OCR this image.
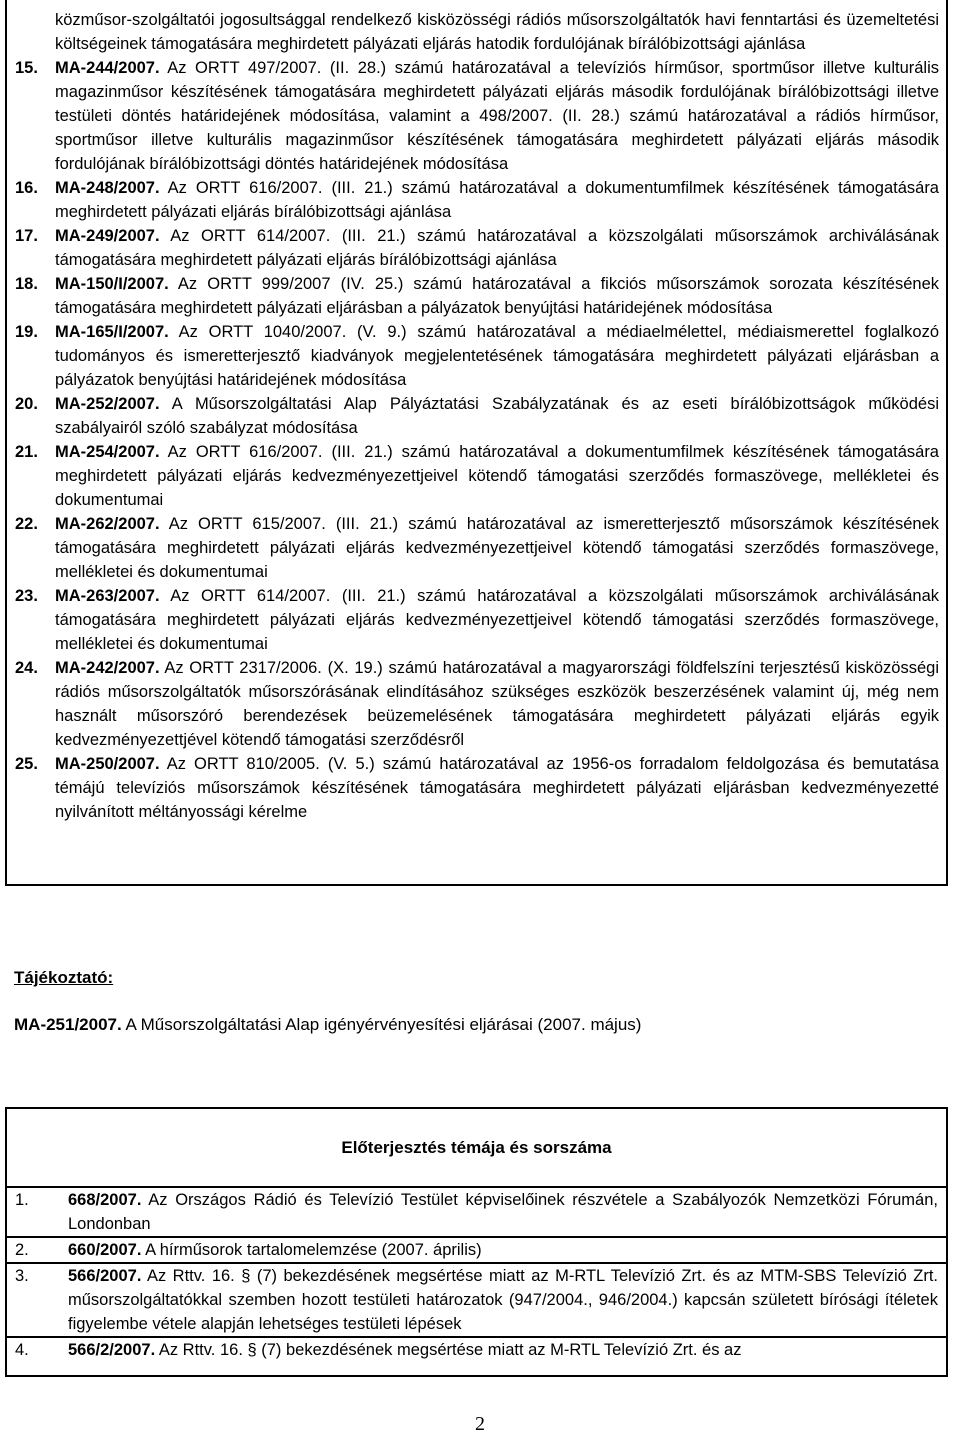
közműsor-szolgáltatói jogosultsággal rendelkező kisközösségi rádiós műsorszolgáltatók havi fenntartási és üzemeltetési költségeinek támogatására meghirdetett pályázati eljárás hatodik fordulójának bírálóbizottsági ajánlása
15.	MA-244/2007. Az ORTT 497/2007. (II. 28.) számú határozatával a televíziós hírműsor, sportműsor illetve kulturális magazinműsor készítésének támogatására meghirdetett pályázati eljárás második fordulójának bírálóbizottsági illetve testületi döntés határidejének módosítása, valamint a 498/2007. (II. 28.) számú határozatával a rádiós hírműsor, sportműsor illetve kulturális magazinműsor készítésének támogatására meghirdetett pályázati eljárás második fordulójának bírálóbizottsági döntés határidejének módosítása
16.	MA-248/2007. Az ORTT 616/2007. (III. 21.) számú határozatával a dokumentumfilmek készítésének támogatására meghirdetett pályázati eljárás bírálóbizottsági ajánlása
17.	MA-249/2007. Az ORTT 614/2007. (III. 21.) számú határozatával a közszolgálati műsorszámok archiválásának támogatására meghirdetett pályázati eljárás bírálóbizottsági ajánlása
18.	MA-150/I/2007. Az ORTT 999/2007 (IV. 25.) számú határozatával a fikciós műsorszámok sorozata készítésének támogatására meghirdetett pályázati eljárásban a pályázatok benyújtási határidejének módosítása
19.	MA-165/I/2007. Az ORTT 1040/2007. (V. 9.) számú határozatával a médiaelmélettel, médiaismerettel foglalkozó tudományos és ismeretterjesztő kiadványok megjelentetésének támogatására meghirdetett pályázati eljárásban a pályázatok benyújtási határidejének módosítása
20.	MA-252/2007. A Műsorszolgáltatási Alap Pályáztatási Szabályzatának és az eseti bírálóbizottságok működési szabályairól szóló szabályzat módosítása
21.	MA-254/2007. Az ORTT 616/2007. (III. 21.) számú határozatával a dokumentumfilmek készítésének támogatására meghirdetett pályázati eljárás kedvezményezettjeivel kötendő támogatási szerződés formaszövege, mellékletei és dokumentumai
22.	MA-262/2007. Az ORTT 615/2007. (III. 21.) számú határozatával az ismeretterjesztő műsorszámok készítésének támogatására meghirdetett pályázati eljárás kedvezményezettjeivel kötendő támogatási szerződés formaszövege, mellékletei és dokumentumai
23.	MA-263/2007. Az ORTT 614/2007. (III. 21.) számú határozatával a közszolgálati műsorszámok archiválásának támogatására meghirdetett pályázati eljárás kedvezményezettjeivel kötendő támogatási szerződés formaszövege, mellékletei és dokumentumai
24.	MA-242/2007. Az ORTT 2317/2006. (X. 19.) számú határozatával a magyarországi földfelszíni terjesztésű kisközösségi rádiós műsorszolgáltatók műsorszórásának elindításához szükséges eszközök beszerzésének valamint új, még nem használt műsorszóró berendezések beüzemelésének támogatására meghirdetett pályázati eljárás egyik kedvezményezettjével kötendő támogatási szerződésről
25.	MA-250/2007. Az ORTT 810/2005. (V. 5.) számú határozatával az 1956-os forradalom feldolgozása és bemutatása témájú televíziós műsorszámok készítésének támogatására meghirdetett pályázati eljárásban kedvezményezetté nyilvánított méltányossági kérelme
Tájékoztató:
MA-251/2007. A Műsorszolgáltatási Alap igényérvényesítési eljárásai (2007. május)
Előterjesztés témája és sorszáma
1.	668/2007. Az Országos Rádió és Televízió Testület képviselőinek részvétele a Szabályozók Nemzetközi Fórumán, Londonban
2.	660/2007. A hírműsorok tartalomelemzése (2007. április)
3.	566/2007. Az Rttv. 16. § (7) bekezdésének megsértése miatt az M-RTL Televízió Zrt. és az MTM-SBS Televízió Zrt. műsorszolgáltatókkal szemben hozott testületi határozatok (947/2004., 946/2004.) kapcsán született bírósági ítéletek figyelembe vétele alapján lehetséges testületi lépések
4.	566/2/2007. Az Rttv. 16. § (7) bekezdésének megsértése miatt az M-RTL Televízió Zrt. és az
2
